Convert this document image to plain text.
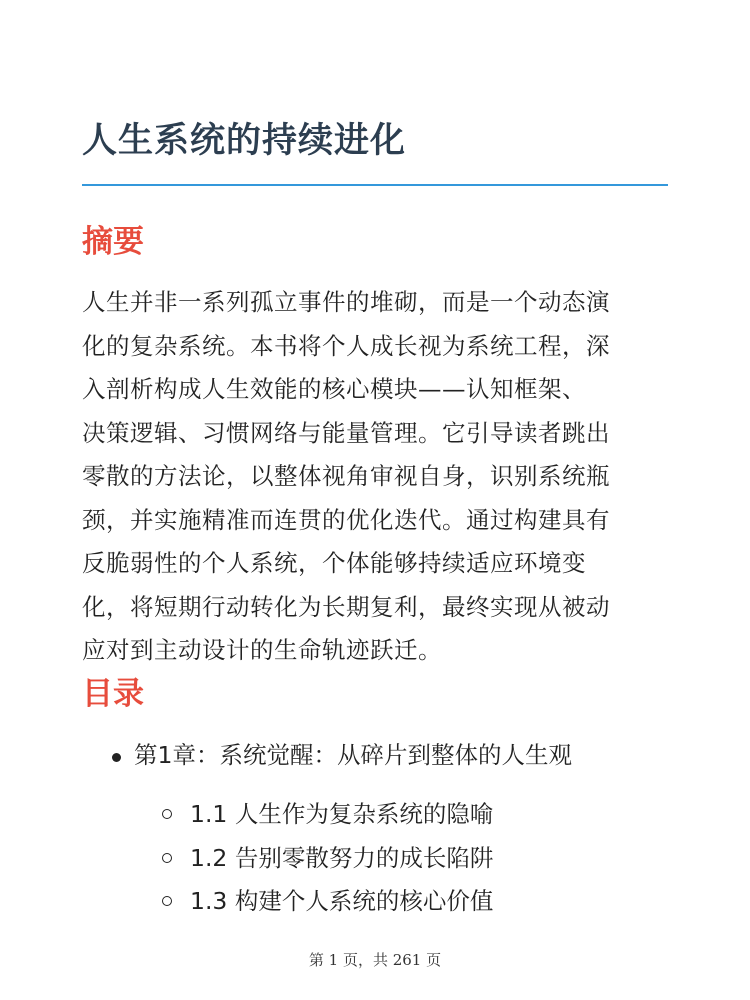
人生系统的持续进化
摘要

人生并非一系列孤立事件的堆砌，而是一个动态演
化的复杂系统。本书将个人成长视为系统工程，深
入剖析构成人生效能的核心模块——认知框架、
决策逻辑、习惯网络与能量管理。它引导读者跳出
零散的方法论，以整体视角审视自身，识别系统瓶
颈，并实施精准而连贯的优化迭代。通过构建具有
反脆弱性的个人系统，个体能够持续适应环境变
化，将短期行动转化为长期复利，最终实现从被动
应对到主动设计的生命轨迹跃迁。

目录
第1章：系统觉醒：从碎片到整体的人生观
1.1 人生作为复杂系统的隐喻
1.2 告别零散努力的成长陷阱
1.3 构建个人系统的核心价值
第 1 页，共 261 页
